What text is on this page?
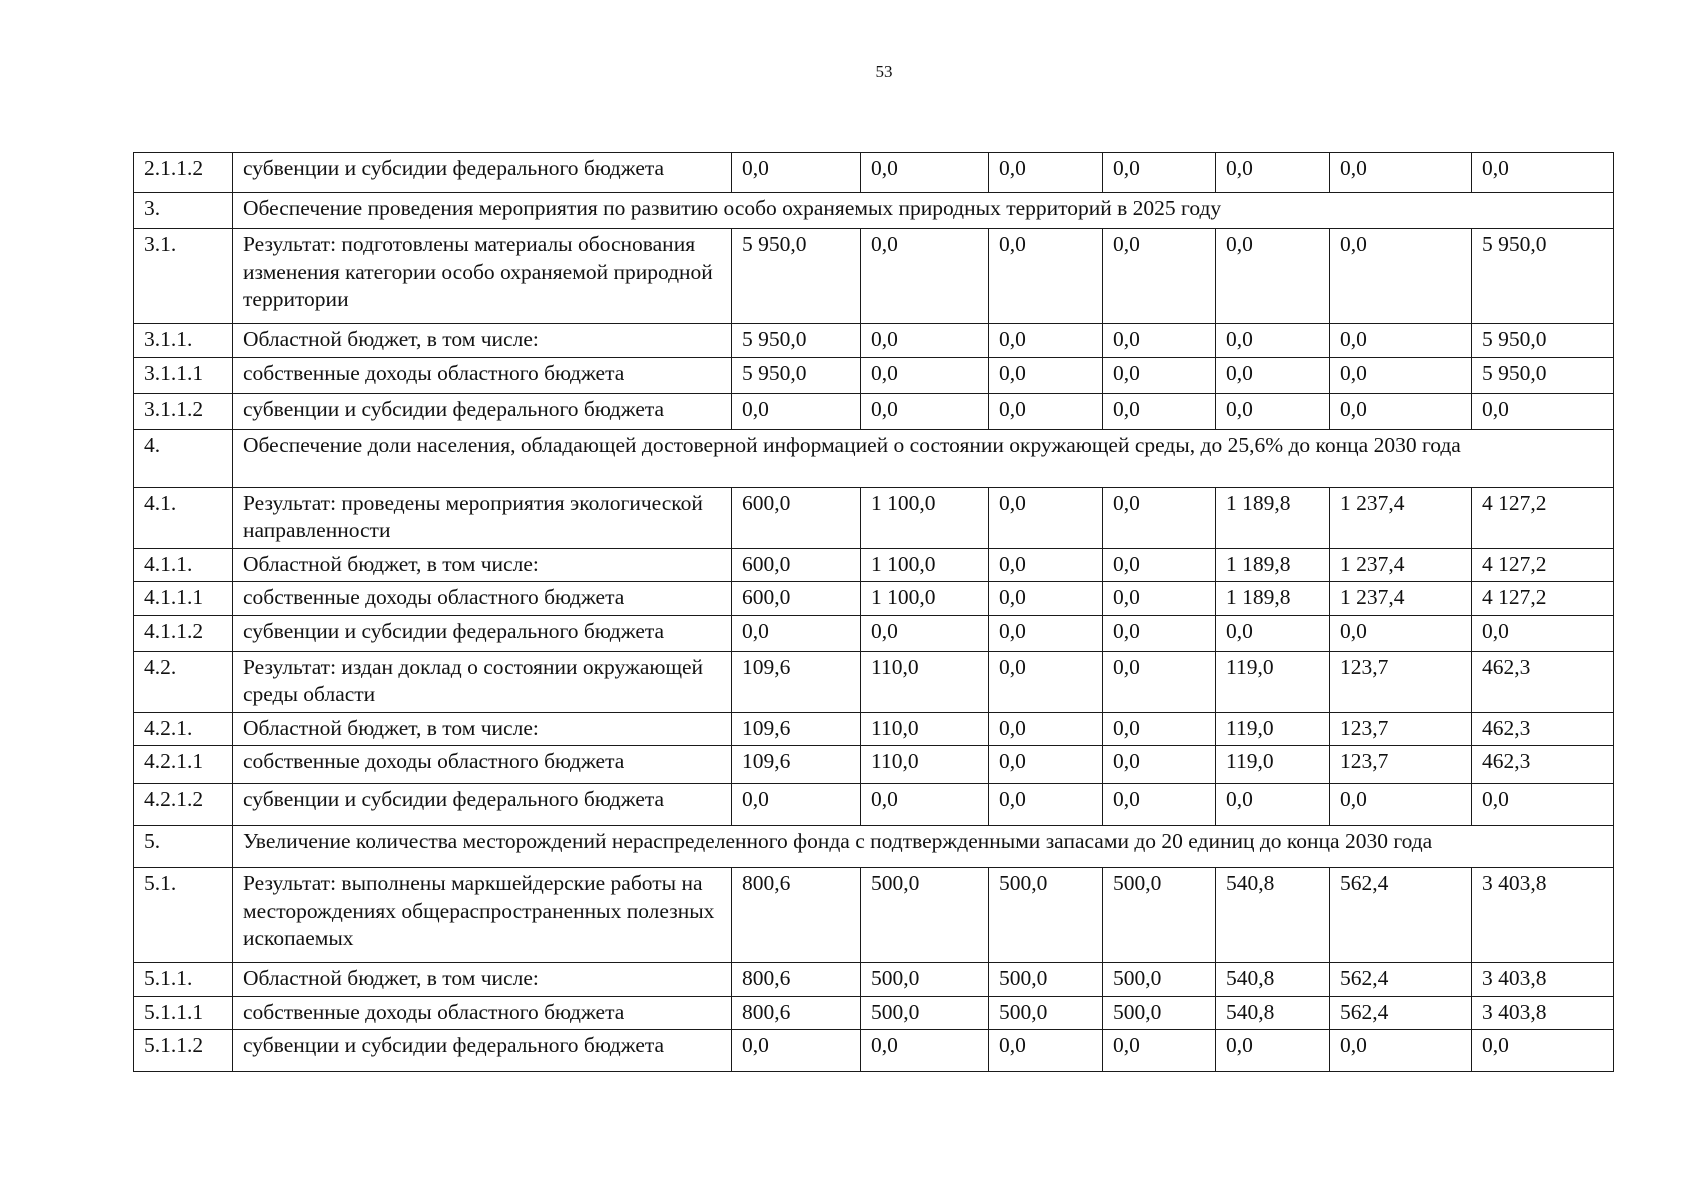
53
2.1.1.2	субвенции и субсидии федерального бюджета	0,0	0,0	0,0	0,0	0,0	0,0	0,0
3.	Обеспечение проведения мероприятия по развитию особо охраняемых природных территорий в 2025 году							
3.1.	Результат: подготовлены материалы обоснования изменения категории особо охраняемой природной территории	5 950,0	0,0	0,0	0,0	0,0	0,0	5 950,0
3.1.1.	Областной бюджет, в том числе:	5 950,0	0,0	0,0	0,0	0,0	0,0	5 950,0
3.1.1.1	собственные доходы областного бюджета	5 950,0	0,0	0,0	0,0	0,0	0,0	5 950,0
3.1.1.2	субвенции и субсидии федерального бюджета	0,0	0,0	0,0	0,0	0,0	0,0	0,0
4.	Обеспечение доли населения, обладающей достоверной информацией о состоянии окружающей среды, до 25,6% до конца 2030 года							
4.1.	Результат: проведены мероприятия экологической направленности	600,0	1 100,0	0,0	0,0	1 189,8	1 237,4	4 127,2
4.1.1.	Областной бюджет, в том числе:	600,0	1 100,0	0,0	0,0	1 189,8	1 237,4	4 127,2
4.1.1.1	собственные доходы областного бюджета	600,0	1 100,0	0,0	0,0	1 189,8	1 237,4	4 127,2
4.1.1.2	субвенции и субсидии федерального бюджета	0,0	0,0	0,0	0,0	0,0	0,0	0,0
4.2.	Результат: издан доклад о состоянии окружающей среды области	109,6	110,0	0,0	0,0	119,0	123,7	462,3
4.2.1.	Областной бюджет, в том числе:	109,6	110,0	0,0	0,0	119,0	123,7	462,3
4.2.1.1	собственные доходы областного бюджета	109,6	110,0	0,0	0,0	119,0	123,7	462,3
4.2.1.2	субвенции и субсидии федерального бюджета	0,0	0,0	0,0	0,0	0,0	0,0	0,0
5.	Увеличение количества месторождений нераспределенного фонда с подтвержденными запасами до 20 единиц до конца 2030 года							
5.1.	Результат: выполнены маркшейдерские работы на месторождениях общераспространенных полезных ископаемых	800,6	500,0	500,0	500,0	540,8	562,4	3 403,8
5.1.1.	Областной бюджет, в том числе:	800,6	500,0	500,0	500,0	540,8	562,4	3 403,8
5.1.1.1	собственные доходы областного бюджета	800,6	500,0	500,0	500,0	540,8	562,4	3 403,8
5.1.1.2	субвенции и субсидии федерального бюджета	0,0	0,0	0,0	0,0	0,0	0,0	0,0
